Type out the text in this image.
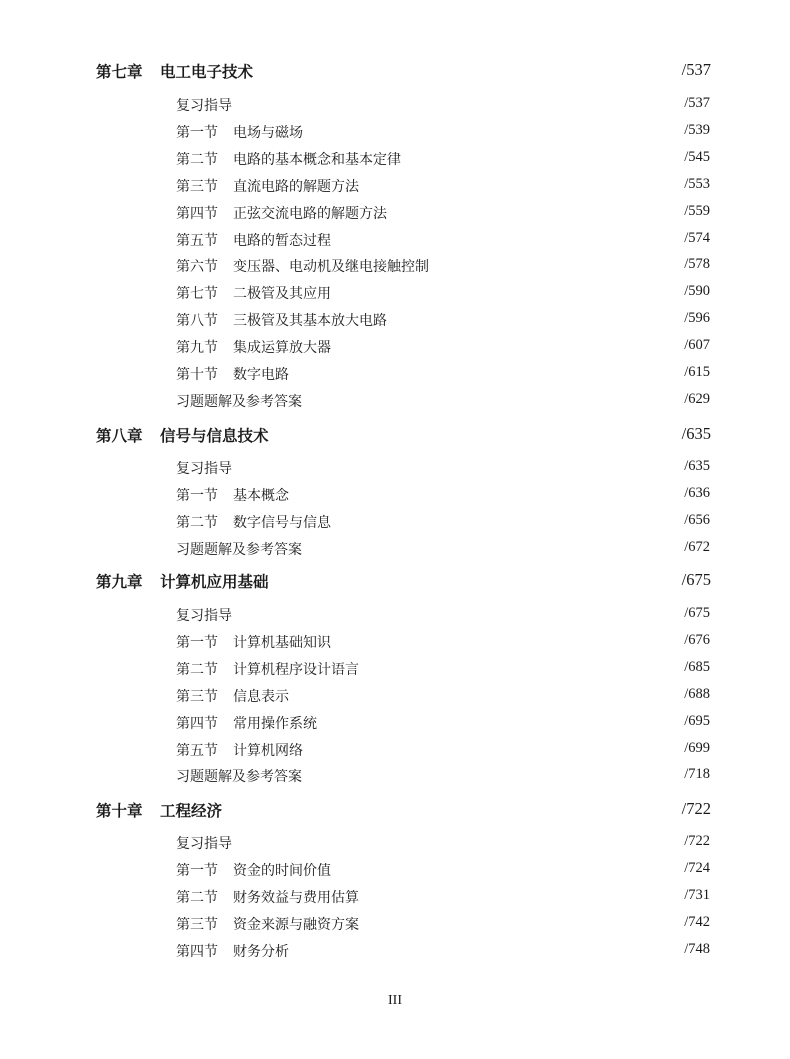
第七章 电工电子技术	/537
复习指导	/537
第一节 电场与磁场	/539
第二节 电路的基本概念和基本定律	/545
第三节 直流电路的解题方法	/553
第四节 正弦交流电路的解题方法	/559
第五节 电路的暂态过程	/574
第六节 变压器、电动机及继电接触控制	/578
第七节 二极管及其应用	/590
第八节 三极管及其基本放大电路	/596
第九节 集成运算放大器	/607
第十节 数字电路	/615
习题题解及参考答案	/629
第八章 信号与信息技术	/635
复习指导	/635
第一节 基本概念	/636
第二节 数字信号与信息	/656
习题题解及参考答案	/672
第九章 计算机应用基础	/675
复习指导	/675
第一节 计算机基础知识	/676
第二节 计算机程序设计语言	/685
第三节 信息表示	/688
第四节 常用操作系统	/695
第五节 计算机网络	/699
习题题解及参考答案	/718
第十章 工程经济	/722
复习指导	/722
第一节 资金的时间价值	/724
第二节 财务效益与费用估算	/731
第三节 资金来源与融资方案	/742
第四节 财务分析	/748
III
